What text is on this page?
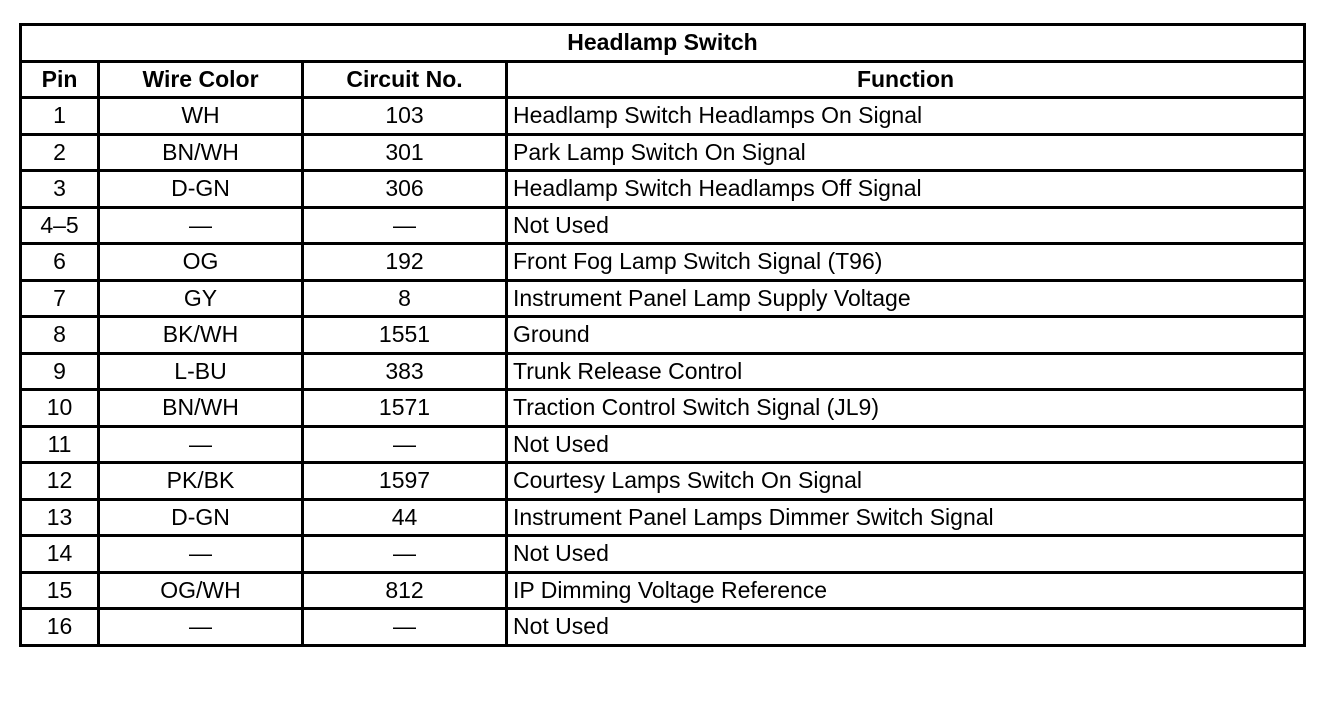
Headlamp Switch			
Pin	Wire Color	Circuit No.	Function
1	WH	103	Headlamp Switch Headlamps On Signal
2	BN/WH	301	Park Lamp Switch On Signal
3	D-GN	306	Headlamp Switch Headlamps Off Signal
4–5	—	—	Not Used
6	OG	192	Front Fog Lamp Switch Signal (T96)
7	GY	8	Instrument Panel Lamp Supply Voltage
8	BK/WH	1551	Ground
9	L-BU	383	Trunk Release Control
10	BN/WH	1571	Traction Control Switch Signal (JL9)
11	—	—	Not Used
12	PK/BK	1597	Courtesy Lamps Switch On Signal
13	D-GN	44	Instrument Panel Lamps Dimmer Switch Signal
14	—	—	Not Used
15	OG/WH	812	IP Dimming Voltage Reference
16	—	—	Not Used
